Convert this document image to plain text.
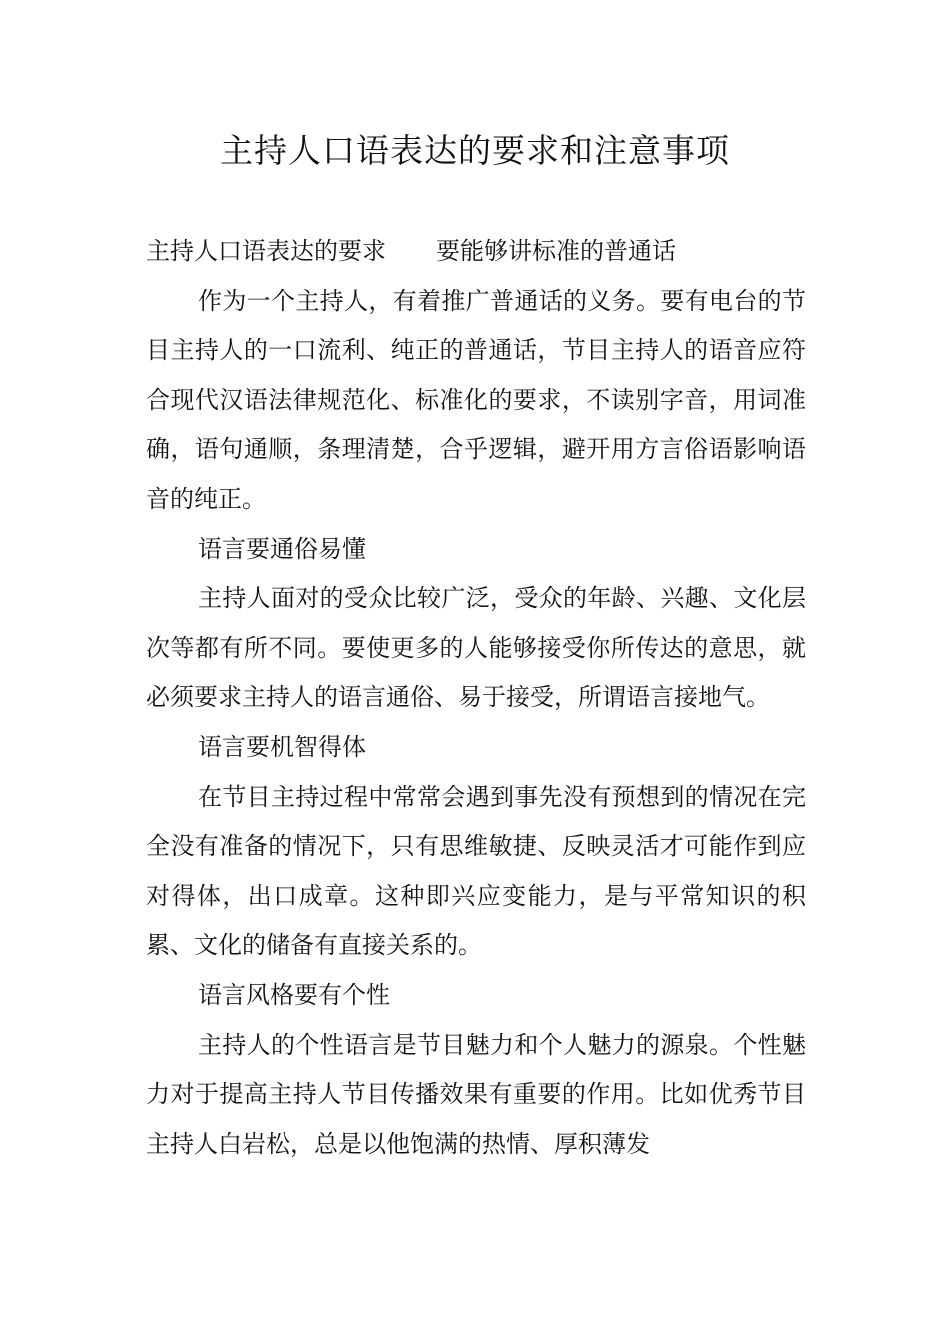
主持人口语表达的要求和注意事项

主持人口语表达的要求 要能够讲标准的普通话

作为一个主持人，有着推广普通话的义务。要有电台的节目主持人的一口流利、纯正的普通话，节目主持人的语音应符合现代汉语法律规范化、标准化的要求，不读别字音，用词准确，语句通顺，条理清楚，合乎逻辑，避开用方言俗语影响语音的纯正。

语言要通俗易懂

主持人面对的受众比较广泛，受众的年龄、兴趣、文化层次等都有所不同。要使更多的人能够接受你所传达的意思，就必须要求主持人的语言通俗、易于接受，所谓语言接地气。

语言要机智得体

在节目主持过程中常常会遇到事先没有预想到的情况在完全没有准备的情况下，只有思维敏捷、反映灵活才可能作到应对得体，出口成章。这种即兴应变能力，是与平常知识的积累、文化的储备有直接关系的。

语言风格要有个性

主持人的个性语言是节目魅力和个人魅力的源泉。个性魅力对于提高主持人节目传播效果有重要的作用。比如优秀节目主持人白岩松，总是以他饱满的热情、厚积薄发
